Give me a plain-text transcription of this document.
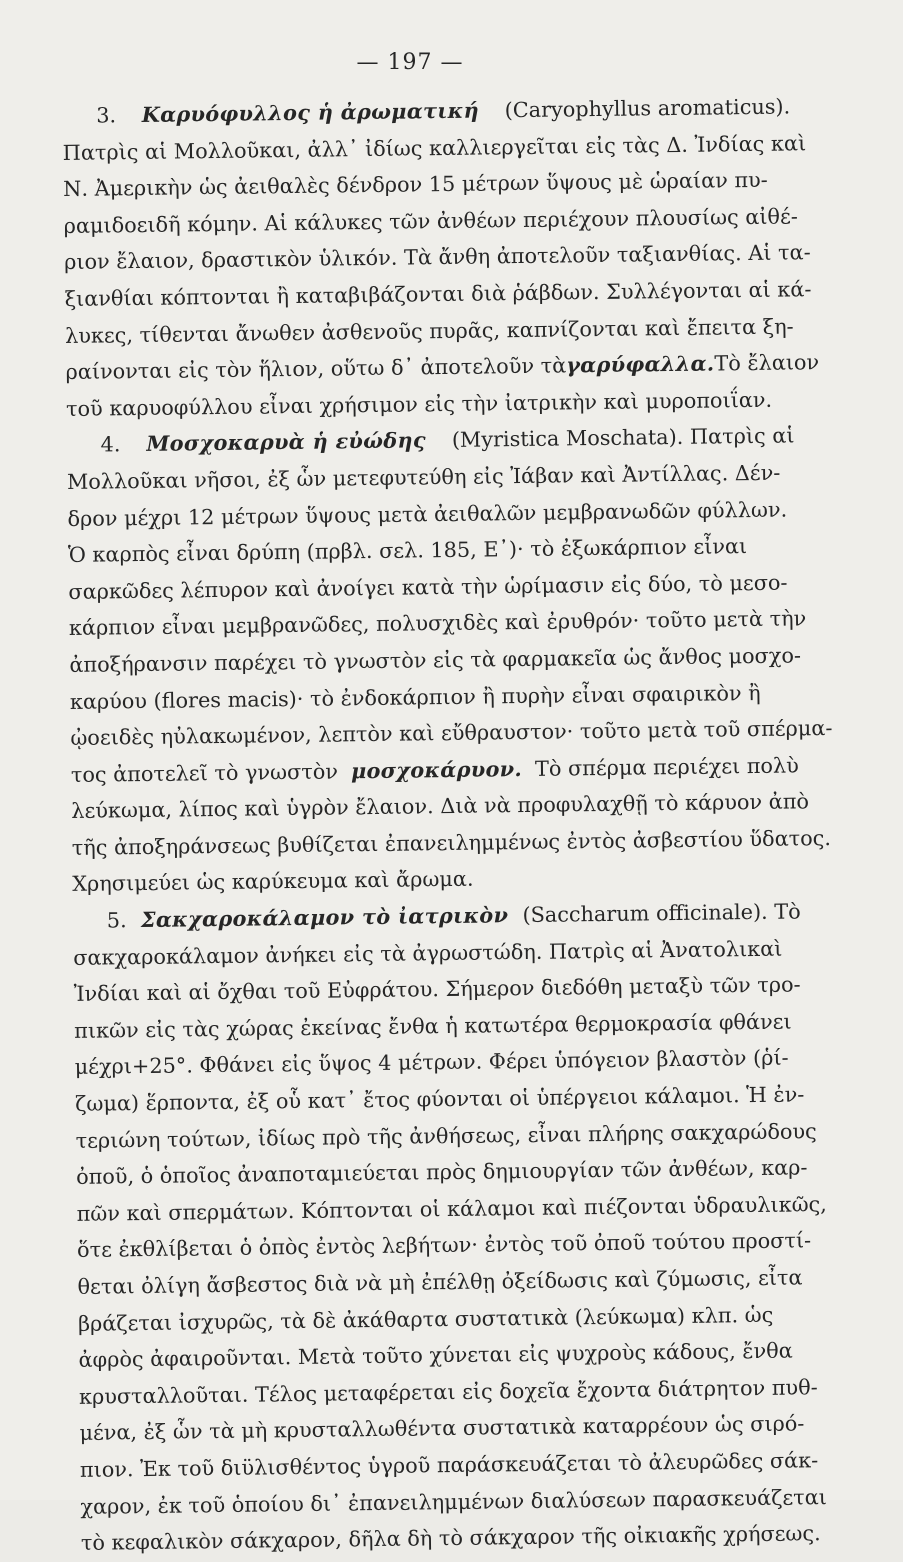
— 197 —
3. Καρυόφυλλος ἡ ἀρωματική (Caryophyllus aromaticus).
Πατρὶς αἱ Μολλοῦκαι, ἀλλ᾽ ἰδίως καλλιεργεῖται εἰς τὰς Δ. Ἰνδίας καὶ
Ν. Ἀμερικὴν ὡς ἀειθαλὲς δένδρον 15 μέτρων ὕψους μὲ ὡραίαν πυ-
ραμιδοειδῆ κόμην. Αἱ κάλυκες τῶν ἀνθέων περιέχουν πλουσίως αἰθέ-
ριον ἔλαιον, δραστικὸν ὑλικόν. Τὰ ἄνθη ἀποτελοῦν ταξιανθίας. Αἱ τα-
ξιανθίαι κόπτονται ἢ καταβιβάζονται διὰ ῥάβδων. Συλλέγονται αἱ κά-
λυκες, τίθενται ἄνωθεν ἀσθενοῦς πυρᾶς, καπνίζονται καὶ ἔπειτα ξη-
ραίνονται εἰς τὸν ἥλιον, οὕτω δ᾽ ἀποτελοῦν τὰ γαρύφαλλα. Τὸ ἔλαιον
τοῦ καρυοφύλλου εἶναι χρήσιμον εἰς τὴν ἰατρικὴν καὶ μυροποιΐαν.
4. Μοσχοκαρυὰ ἡ εὐώδης (Myristica Moschata). Πατρὶς αἱ
Μολλοῦκαι νῆσοι, ἐξ ὧν μετεφυτεύθη εἰς Ἰάβαν καὶ Ἀντίλλας. Δέν-
δρον μέχρι 12 μέτρων ὕψους μετὰ ἀειθαλῶν μεμβρανωδῶν φύλλων.
Ὁ καρπὸς εἶναι δρύπη (πρβλ. σελ. 185, Ε᾽)· τὸ ἐξωκάρπιον εἶναι
σαρκῶδες λέπυρον καὶ ἀνοίγει κατὰ τὴν ὡρίμασιν εἰς δύο, τὸ μεσο-
κάρπιον εἶναι μεμβρανῶδες, πολυσχιδὲς καὶ ἐρυθρόν· τοῦτο μετὰ τὴν
ἀποξήρανσιν παρέχει τὸ γνωστὸν εἰς τὰ φαρμακεῖα ὡς ἄνθος μοσχο-
καρύου (flores macis)· τὸ ἐνδοκάρπιον ἢ πυρὴν εἶναι σφαιρικὸν ἢ
ᾠοειδὲς ηὐλακωμένον, λεπτὸν καὶ εὔθραυστον· τοῦτο μετὰ τοῦ σπέρμα-
τος ἀποτελεῖ τὸ γνωστὸν μοσχοκάρυον. Τὸ σπέρμα περιέχει πολὺ
λεύκωμα, λίπος καὶ ὑγρὸν ἔλαιον. Διὰ νὰ προφυλαχθῇ τὸ κάρυον ἀπὸ
τῆς ἀποξηράνσεως βυθίζεται ἐπανειλημμένως ἐντὸς ἀσβεστίου ὕδατος.
Χρησιμεύει ὡς καρύκευμα καὶ ἄρωμα.
5. Σακχαροκάλαμον τὸ ἰατρικὸν (Saccharum officinale). Τὸ
σακχαροκάλαμον ἀνήκει εἰς τὰ ἀγρωστώδη. Πατρὶς αἱ Ἀνατολικαὶ
Ἰνδίαι καὶ αἱ ὄχθαι τοῦ Εὐφράτου. Σήμερον διεδόθη μεταξὺ τῶν τρο-
πικῶν εἰς τὰς χώρας ἐκείνας ἔνθα ἡ κατωτέρα θερμοκρασία φθάνει
μέχρι+25°. Φθάνει εἰς ὕψος 4 μέτρων. Φέρει ὑπόγειον βλαστὸν (ῥί-
ζωμα) ἕρποντα, ἐξ οὗ κατ᾽ ἔτος φύονται οἱ ὑπέργειοι κάλαμοι. Ἡ ἐν-
τεριώνη τούτων, ἰδίως πρὸ τῆς ἀνθήσεως, εἶναι πλήρης σακχαρώδους
ὀποῦ, ὁ ὁποῖος ἀναποταμιεύεται πρὸς δημιουργίαν τῶν ἀνθέων, καρ-
πῶν καὶ σπερμάτων. Κόπτονται οἱ κάλαμοι καὶ πιέζονται ὑδραυλικῶς,
ὅτε ἐκθλίβεται ὁ ὀπὸς ἐντὸς λεβήτων· ἐντὸς τοῦ ὀποῦ τούτου προστί-
θεται ὀλίγη ἄσβεστος διὰ νὰ μὴ ἐπέλθῃ ὀξείδωσις καὶ ζύμωσις, εἶτα
βράζεται ἰσχυρῶς, τὰ δὲ ἀκάθαρτα συστατικὰ (λεύκωμα) κλπ. ὡς
ἀφρὸς ἀφαιροῦνται. Μετὰ τοῦτο χύνεται εἰς ψυχροὺς κάδους, ἔνθα
κρυσταλλοῦται. Τέλος μεταφέρεται εἰς δοχεῖα ἔχοντα διάτρητον πυθ-
μένα, ἐξ ὧν τὰ μὴ κρυσταλλωθέντα συστατικὰ καταρρέουν ὡς σιρό-
πιον. Ἐκ τοῦ διϋλισθέντος ὑγροῦ παράσκευάζεται τὸ ἀλευρῶδες σάκ-
χαρον, ἐκ τοῦ ὁποίου δι᾽ ἐπανειλημμένων διαλύσεων παρασκευάζεται
τὸ κεφαλικὸν σάκχαρον, δῆλα δὴ τὸ σάκχαρον τῆς οἰκιακῆς χρήσεως.
